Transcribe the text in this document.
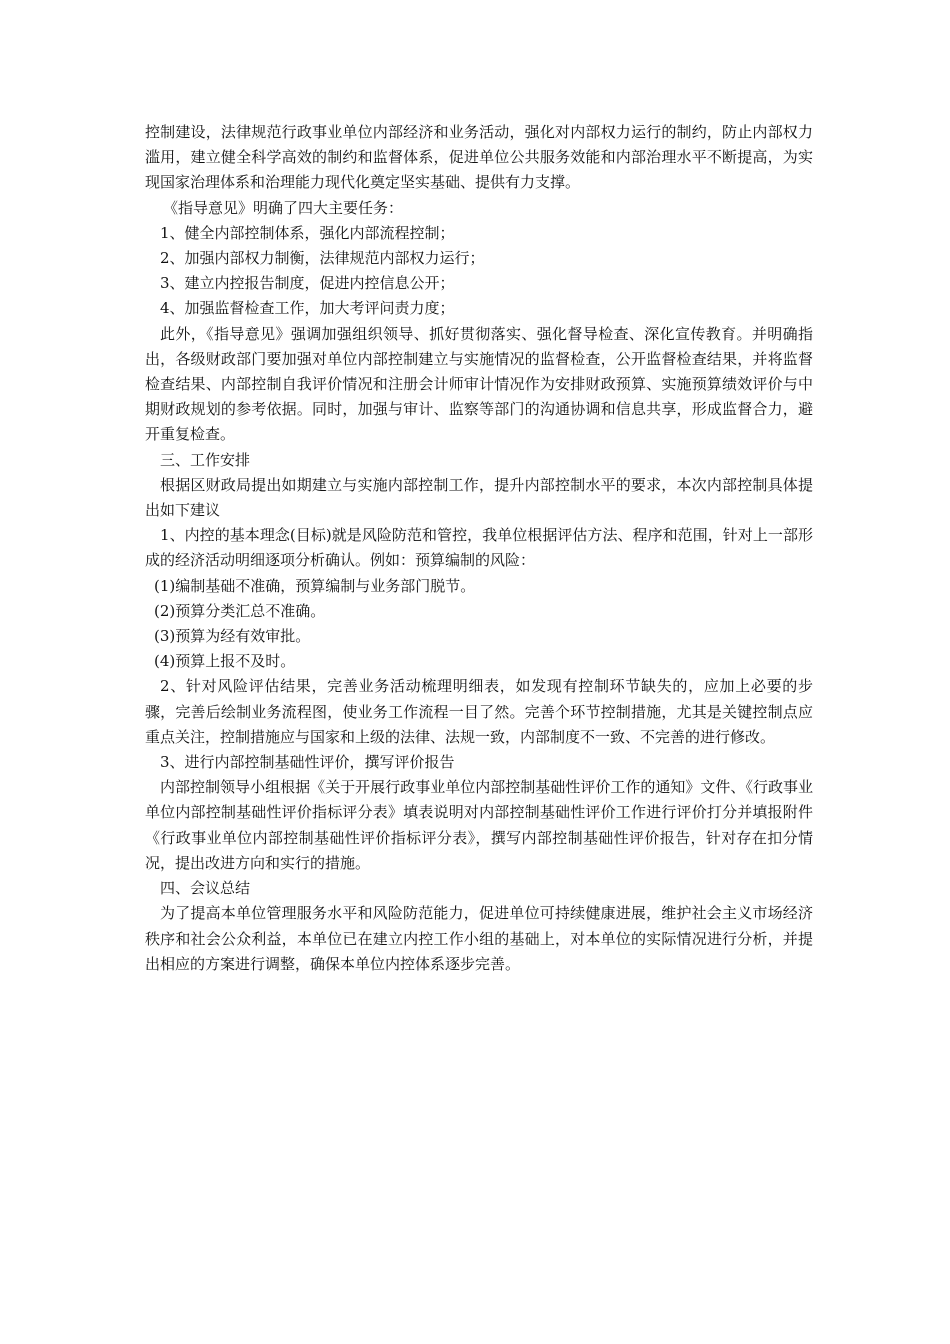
控制建设，法律规范行政事业单位内部经济和业务活动，强化对内部权力运行的制约，防止内部权力滥用，建立健全科学高效的制约和监督体系，促进单位公共服务效能和内部治理水平不断提高，为实现国家治理体系和治理能力现代化奠定坚实基础、提供有力支撑。

《指导意见》明确了四大主要任务：

1、健全内部控制体系，强化内部流程控制；

2、加强内部权力制衡，法律规范内部权力运行；

3、建立内控报告制度，促进内控信息公开；

4、加强监督检查工作，加大考评问责力度；

此外，《指导意见》强调加强组织领导、抓好贯彻落实、强化督导检查、深化宣传教育。并明确指出，各级财政部门要加强对单位内部控制建立与实施情况的监督检查，公开监督检查结果，并将监督检查结果、内部控制自我评价情况和注册会计师审计情况作为安排财政预算、实施预算绩效评价与中期财政规划的参考依据。同时，加强与审计、监察等部门的沟通协调和信息共享，形成监督合力，避开重复检查。

三、工作安排

根据区财政局提出如期建立与实施内部控制工作，提升内部控制水平的要求，本次内部控制具体提出如下建议

1、内控的基本理念(目标)就是风险防范和管控，我单位根据评估方法、程序和范围，针对上一部形成的经济活动明细逐项分析确认。例如：预算编制的风险：

(1)编制基础不准确，预算编制与业务部门脱节。

(2)预算分类汇总不准确。

(3)预算为经有效审批。

(4)预算上报不及时。

2、针对风险评估结果，完善业务活动梳理明细表，如发现有控制环节缺失的，应加上必要的步骤，完善后绘制业务流程图，使业务工作流程一目了然。完善个环节控制措施，尤其是关键控制点应重点关注，控制措施应与国家和上级的法律、法规一致，内部制度不一致、不完善的进行修改。

3、进行内部控制基础性评价，撰写评价报告

内部控制领导小组根据《关于开展行政事业单位内部控制基础性评价工作的通知》文件、《行政事业单位内部控制基础性评价指标评分表》填表说明对内部控制基础性评价工作进行评价打分并填报附件《行政事业单位内部控制基础性评价指标评分表》，撰写内部控制基础性评价报告，针对存在扣分情况，提出改进方向和实行的措施。

四、会议总结

为了提高本单位管理服务水平和风险防范能力，促进单位可持续健康进展，维护社会主义市场经济秩序和社会公众利益，本单位已在建立内控工作小组的基础上，对本单位的实际情况进行分析，并提出相应的方案进行调整，确保本单位内控体系逐步完善。
